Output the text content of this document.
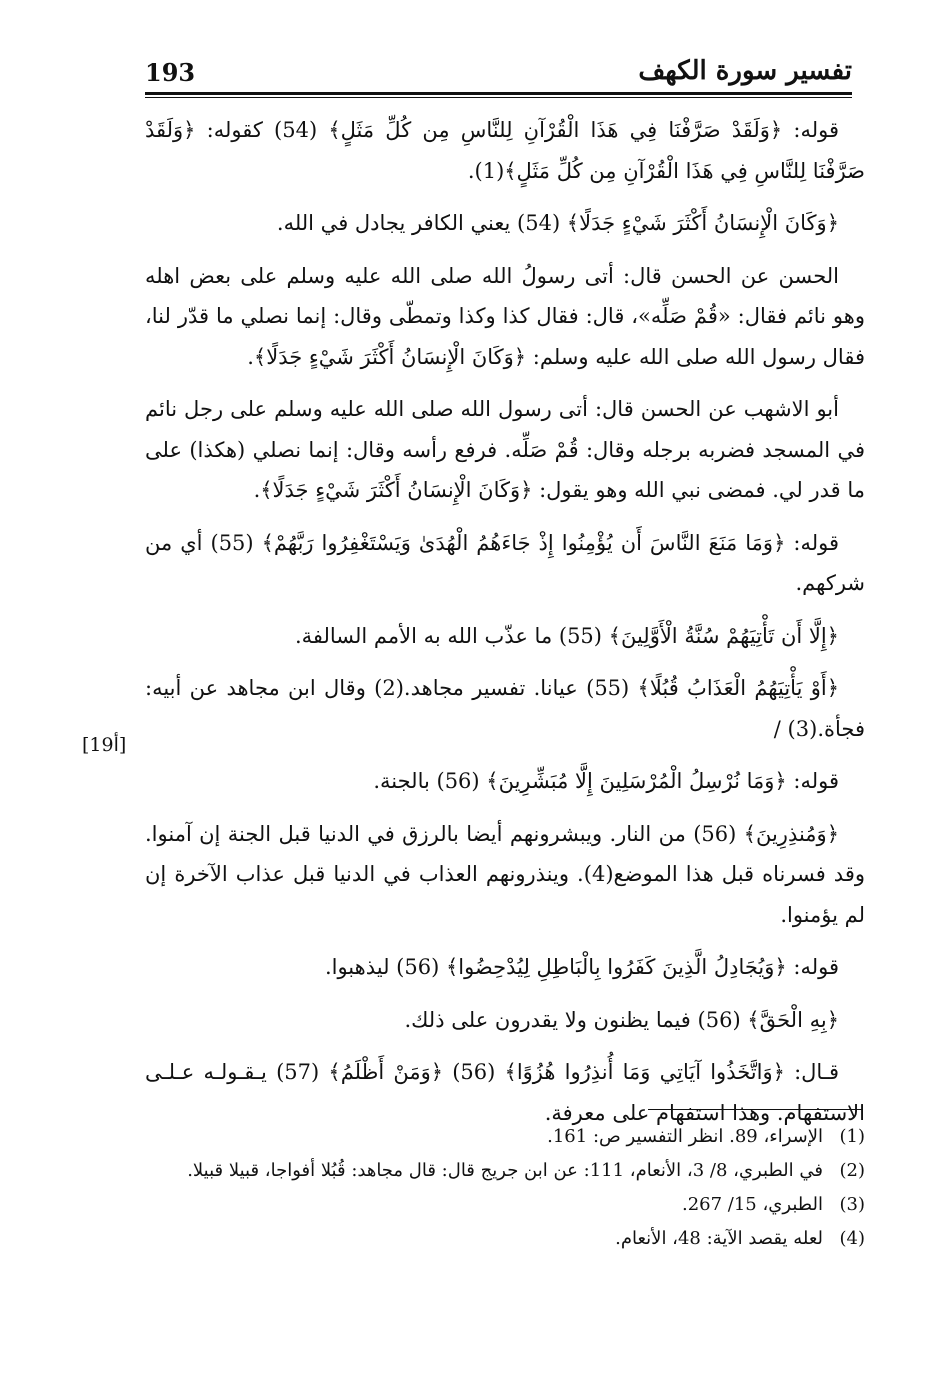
193	تفسير سورة الكهف

قوله: ﴿وَلَقَدْ صَرَّفْنَا فِي هَذَا الْقُرْآنِ لِلنَّاسِ مِن كُلِّ مَثَلٍ﴾ (54) كقوله: ﴿وَلَقَدْ صَرَّفْنَا لِلنَّاسِ فِي هَذَا الْقُرْآنِ مِن كُلِّ مَثَلٍ﴾(1).

﴿وَكَانَ الْإِنسَانُ أَكْثَرَ شَيْءٍ جَدَلًا﴾ (54) يعني الكافر يجادل في الله.

الحسن عن الحسن قال: أتى رسولُ الله صلى الله عليه وسلم على بعض اهله وهو نائم فقال: «قُمْ صَلِّه»، قال: فقال كذا وكذا وتمطّى وقال: إنما نصلي ما قدّر لنا، فقال رسول الله صلى الله عليه وسلم: ﴿وَكَانَ الْإِنسَانُ أَكْثَرَ شَيْءٍ جَدَلًا﴾.

أبو الاشهب عن الحسن قال: أتى رسول الله صلى الله عليه وسلم على رجل نائم في المسجد فضربه برجله وقال: قُمْ صَلِّه. فرفع رأسه وقال: إنما نصلي (هكذا) على ما قدر لي. فمضى نبي الله وهو يقول: ﴿وَكَانَ الْإِنسَانُ أَكْثَرَ شَيْءٍ جَدَلًا﴾.

قوله: ﴿وَمَا مَنَعَ النَّاسَ أَن يُؤْمِنُوا إِذْ جَاءَهُمُ الْهُدَىٰ وَيَسْتَغْفِرُوا رَبَّهُمْ﴾ (55) أي من شركهم.

﴿إِلَّا أَن تَأْتِيَهُمْ سُنَّةُ الْأَوَّلِينَ﴾ (55) ما عذّب الله به الأمم السالفة.

﴿أَوْ يَأْتِيَهُمُ الْعَذَابُ قُبُلًا﴾ (55) عيانا. تفسير مجاهد.(2) وقال ابن مجاهد عن أبيه: فجأة.(3) /

قوله: ﴿وَمَا نُرْسِلُ الْمُرْسَلِينَ إِلَّا مُبَشِّرِينَ﴾ (56) بالجنة.

﴿وَمُنذِرِينَ﴾ (56) من النار. ويبشرونهم أيضا بالرزق في الدنيا قبل الجنة إن آمنوا. وقد فسرناه قبل هذا الموضع(4). وينذرونهم العذاب في الدنيا قبل عذاب الآخرة إن لم يؤمنوا.

قوله: ﴿وَيُجَادِلُ الَّذِينَ كَفَرُوا بِالْبَاطِلِ لِيُدْحِضُوا﴾ (56) ليذهبوا.

﴿بِهِ الْحَقَّ﴾ (56) فيما يظنون ولا يقدرون على ذلك.

قـال: ﴿وَاتَّخَذُوا آيَاتِي وَمَا أُنذِرُوا هُزُوًا﴾ (56) ﴿وَمَنْ أَظْلَمُ﴾ (57) يـقـولـه عـلـى الاستفهام. وهذا استفهام على معرفة.

[19أ]
(1)
الإسراء، 89. انظر التفسير ص: 161.
(2)
في الطبري، 8/ 3، الأنعام، 111: عن ابن جريج قال: قال مجاهد: قُبُلا أفواجا، قبيلا قبيلا.
(3)
الطبري، 15/ 267.
(4)
لعله يقصد الآية: 48، الأنعام.
